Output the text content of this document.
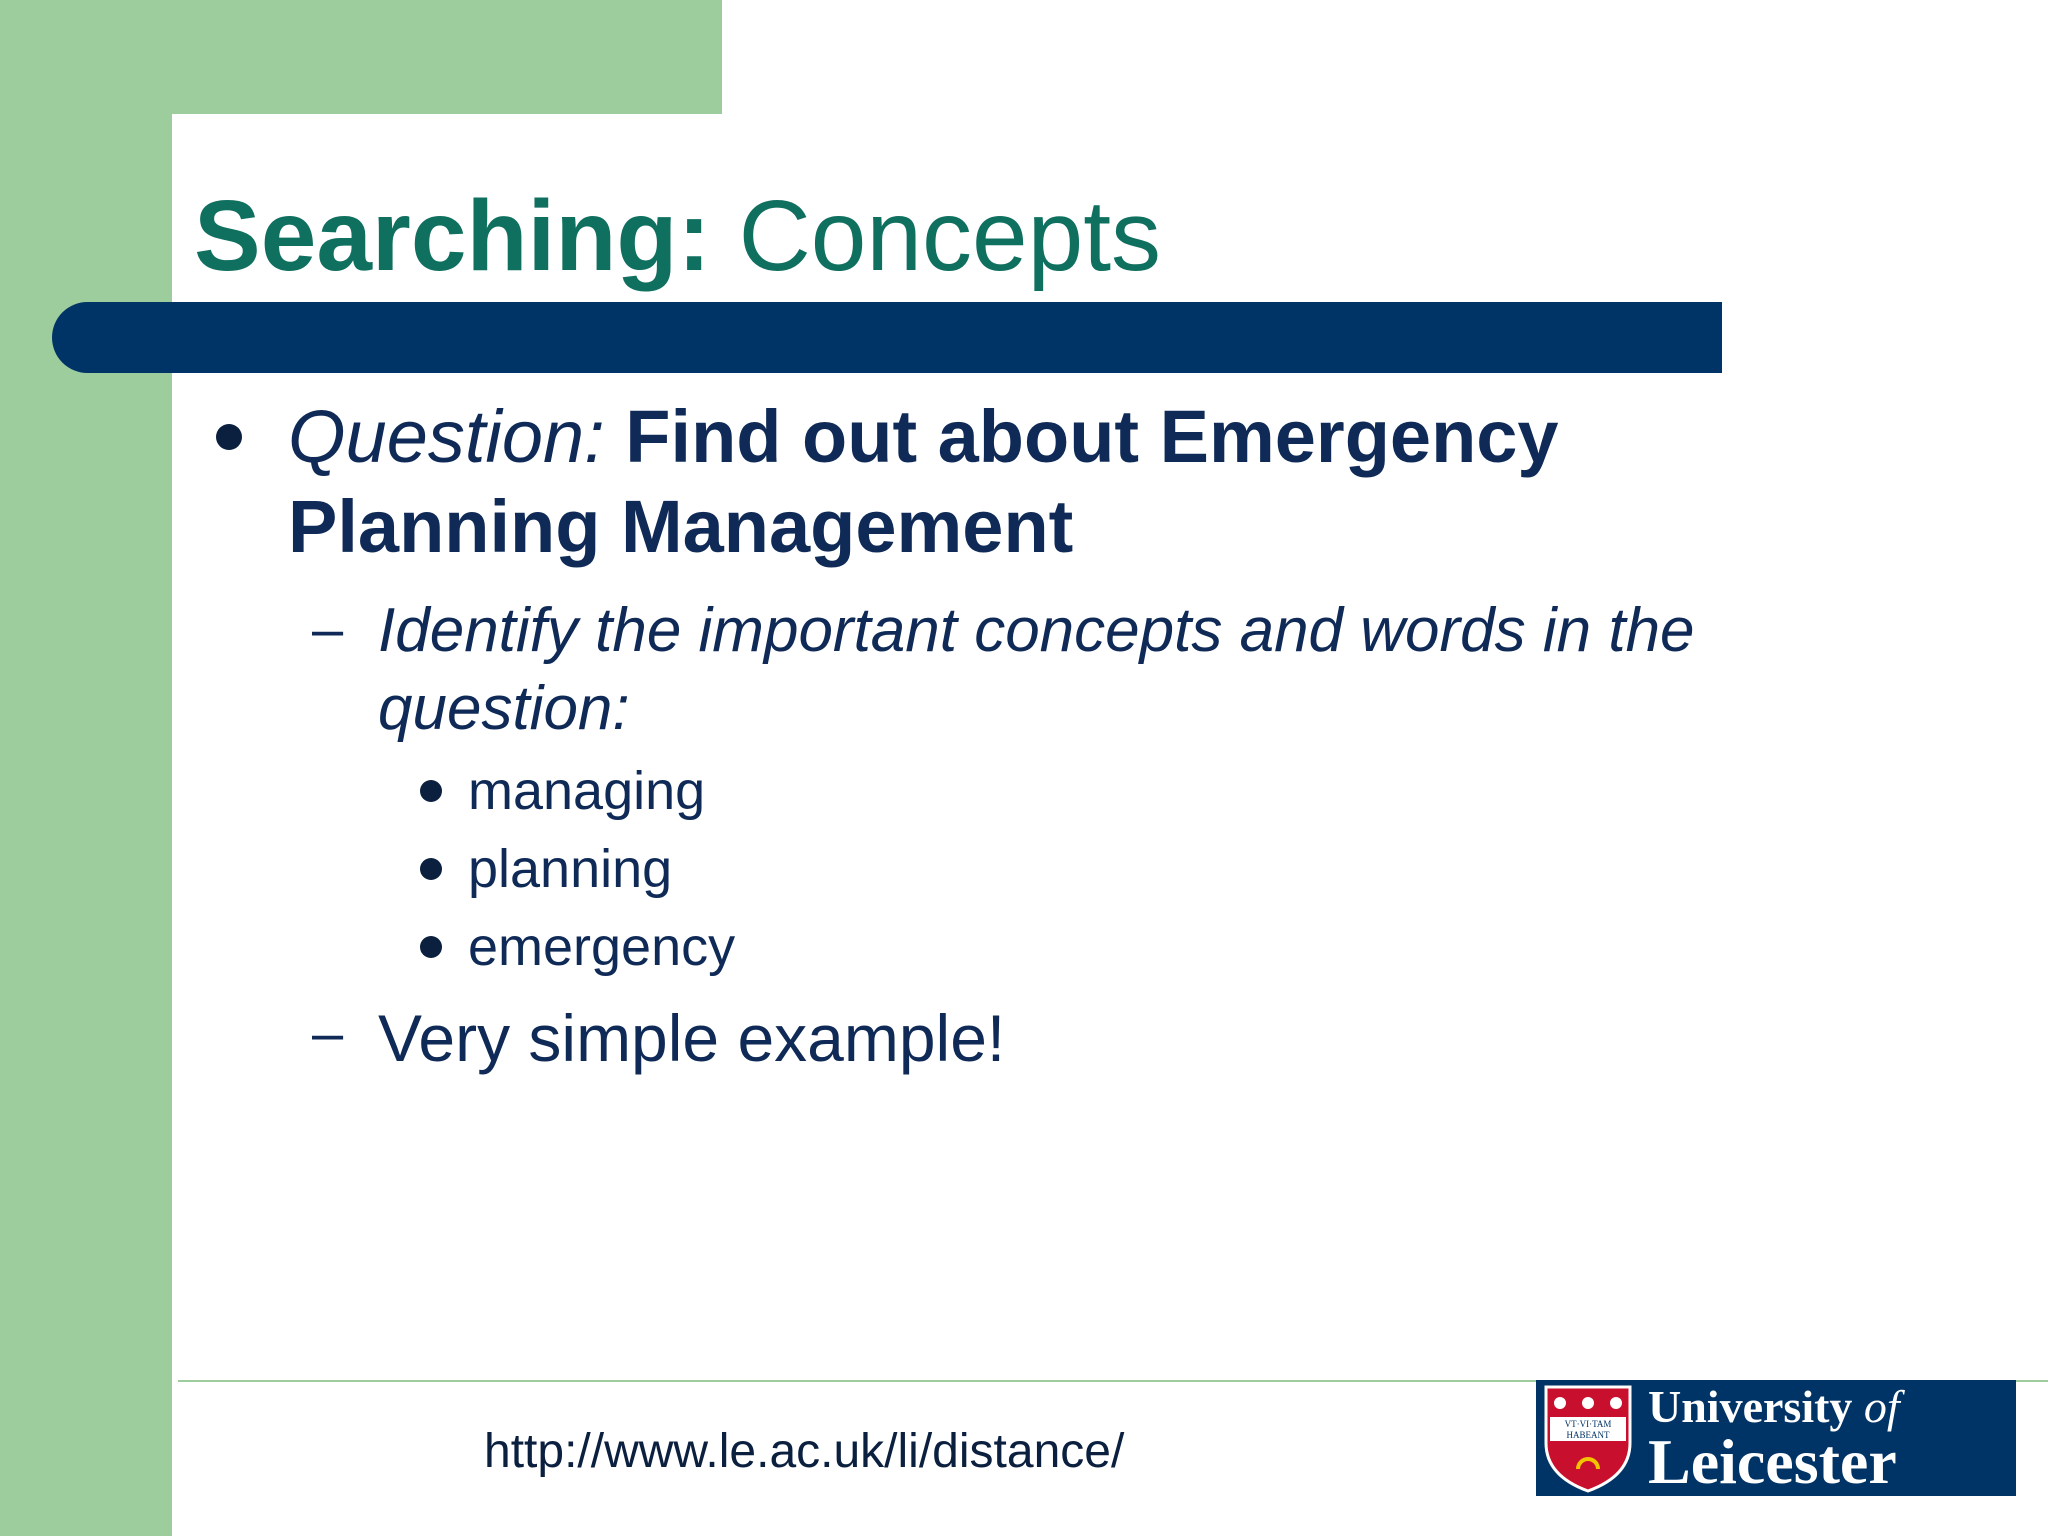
Searching: Concepts

Question: Find out about Emergency Planning Management

– Identify the important concepts and words in the question:

managing
planning
emergency
– Very simple example!

http://www.le.ac.uk/li/distance/
VT·VI·TAM
HABEANT
University of
Leicester
